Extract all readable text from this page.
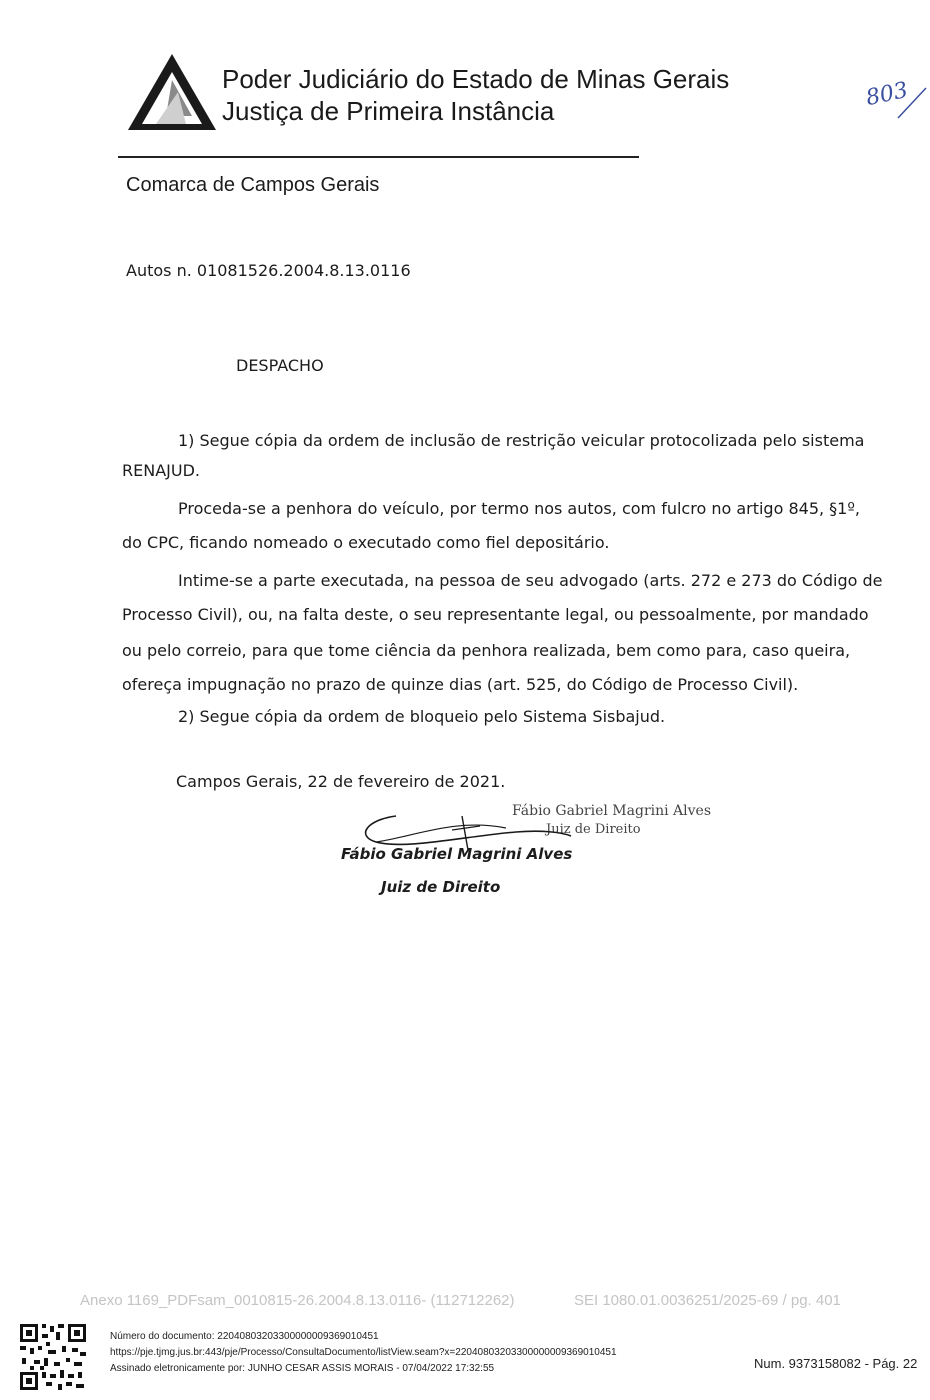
Poder Judiciário do Estado de Minas Gerais
Justiça de Primeira Instância	803
Comarca de Campos Gerais
Autos n. 01081526.2004.8.13.0116
DESPACHO
1) Segue cópia da ordem de inclusão de restrição veicular protocolizada pelo sistema
RENAJUD.
Proceda-se a penhora do veículo, por termo nos autos, com fulcro no artigo 845, §1º,
do CPC, ficando nomeado o executado como fiel depositário.
Intime-se a parte executada, na pessoa de seu advogado (arts. 272 e 273 do Código de
Processo Civil), ou, na falta deste, o seu representante legal, ou pessoalmente, por mandado
ou pelo correio, para que tome ciência da penhora realizada, bem como para, caso queira,
ofereça impugnação no prazo de quinze dias (art. 525, do Código de Processo Civil).
2) Segue cópia da ordem de bloqueio pelo Sistema Sisbajud.
Campos Gerais, 22 de fevereiro de 2021.
Fábio Gabriel Magrini Alves
Juiz de Direito
Fábio Gabriel Magrini Alves
Juiz de Direito
Anexo 1169_PDFsam_0010815-26.2004.8.13.0116- (112712262)	SEI 1080.01.0036251/2025-69 / pg. 401
Número do documento: 22040803203300000009369010451
https://pje.tjmg.jus.br:443/pje/Processo/ConsultaDocumento/listView.seam?x=22040803203300000009369010451
Assinado eletronicamente por: JUNHO CESAR ASSIS MORAIS - 07/04/2022 17:32:55	Num. 9373158082 - Pág. 22
